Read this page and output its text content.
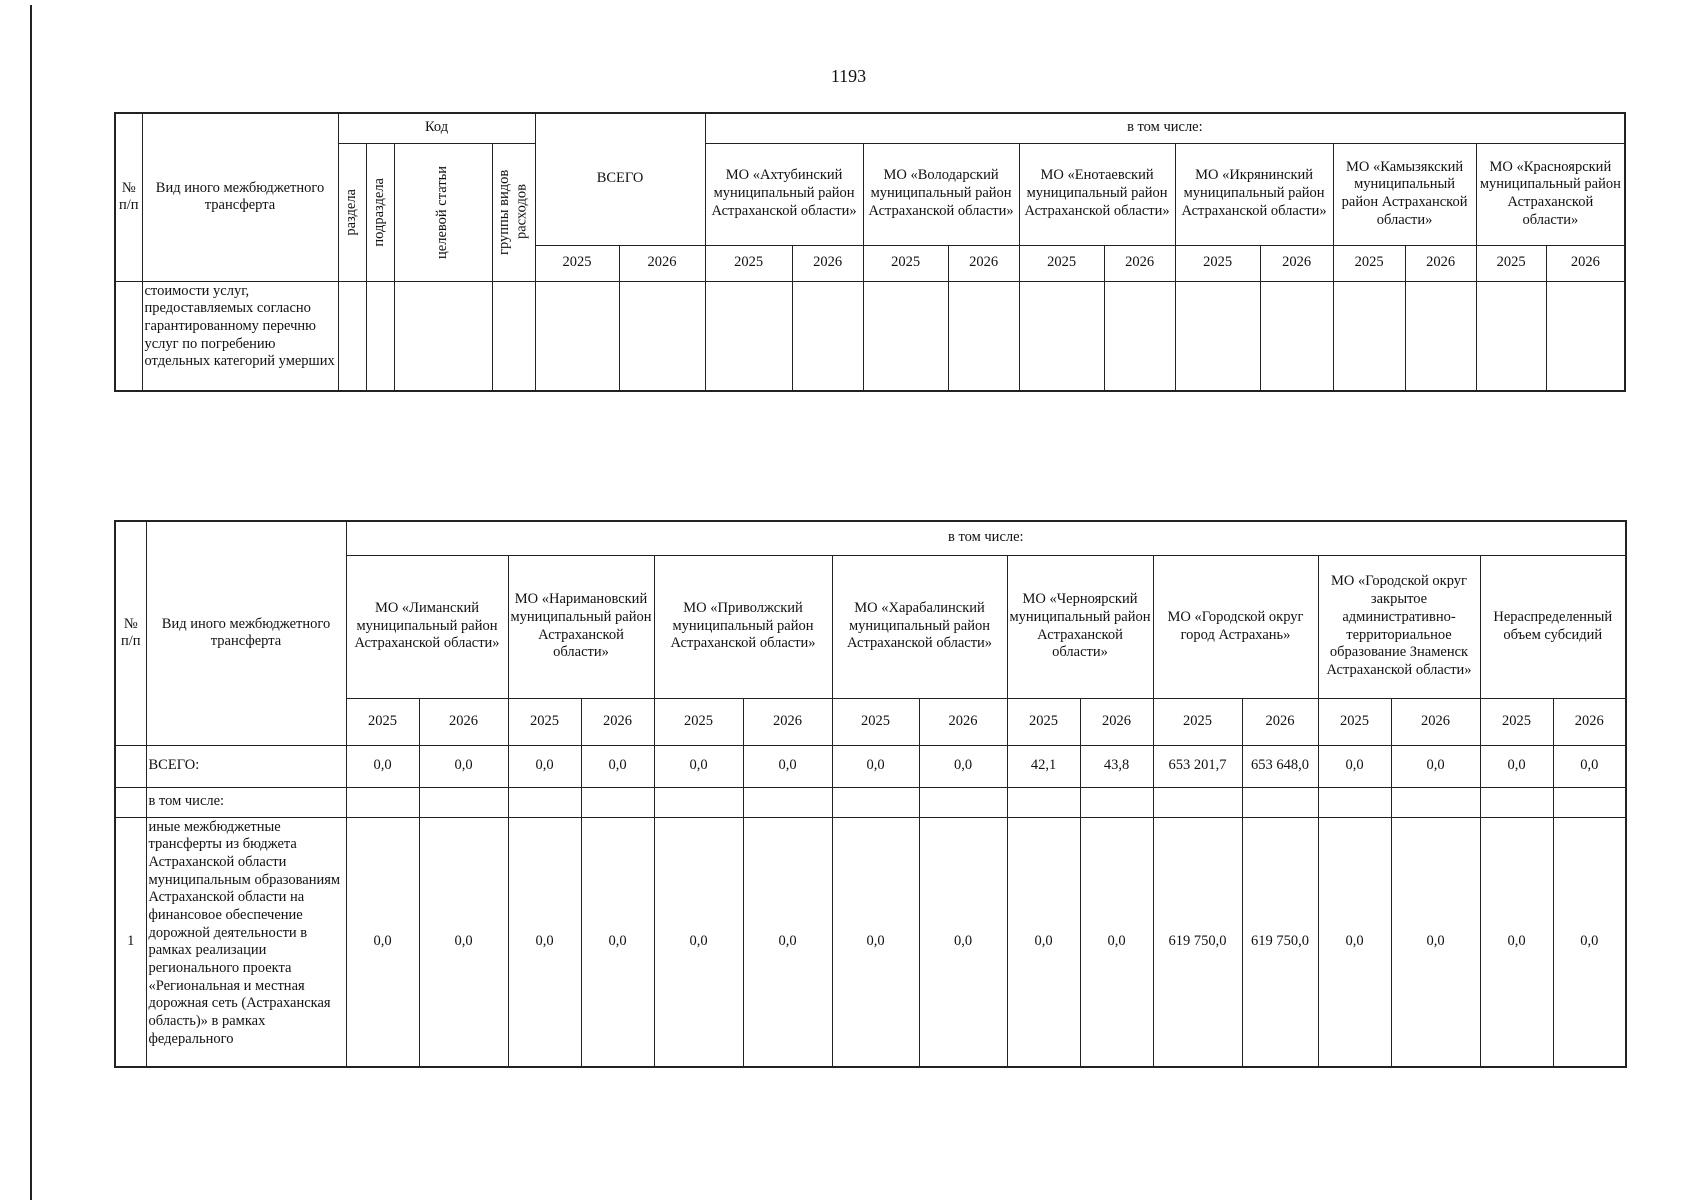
1193
№ п/п	Вид иного межбюджетного трансферта	Код				ВСЕГО		в том числе:											

		раздела	подраздела	целевой статьи	группы видов расходов			МО «Ахтубинский муниципальный район Астраханской области»		МО «Володарский муниципальный район Астраханской области»		МО «Енотаевский муниципальный район Астраханской области»		МО «Икрянинский муниципальный район Астраханской области»		МО «Камызякский муниципальный район Астраханской области»		МО «Красноярский муниципальный район Астраханской области»	
						2025	2026	2025	2026	2025	2026	2025	2026	2025	2026	2025	2026	2025	2026
	стоимости услуг, предоставляемых согласно гарантированному перечню услуг по погребению отдельных категорий умерших																		
№ п/п	Вид иного межбюджетного трансферта	в том числе:															
		МО «Лиманский муниципальный район Астраханской области»		МО «Наримановский муниципальный район Астраханской области»		МО «Приволжский муниципальный район Астраханской области»		МО «Харабалинский муниципальный район Астраханской области»		МО «Черноярский муниципальный район Астраханской области»		МО «Городской округ город Астрахань»		МО «Городской округ закрытое административно-территориальное образование Знаменск Астраханской области»		Нераспределенный объем субсидий	
		2025	2026	2025	2026	2025	2026	2025	2026	2025	2026	2025	2026	2025	2026	2025	2026
	ВСЕГО:	0,0	0,0	0,0	0,0	0,0	0,0	0,0	0,0	42,1	43,8	653 201,7	653 648,0	0,0	0,0	0,0	0,0
	в том числе:																
1	иные межбюджетные трансферты из бюджета Астраханской области муниципальным образованиям Астраханской области на финансовое обеспечение дорожной деятельности в рамках реализации регионального проекта «Региональная и местная дорожная сеть (Астраханская область)» в рамках федерального	0,0	0,0	0,0	0,0	0,0	0,0	0,0	0,0	0,0	0,0	619 750,0	619 750,0	0,0	0,0	0,0	0,0
